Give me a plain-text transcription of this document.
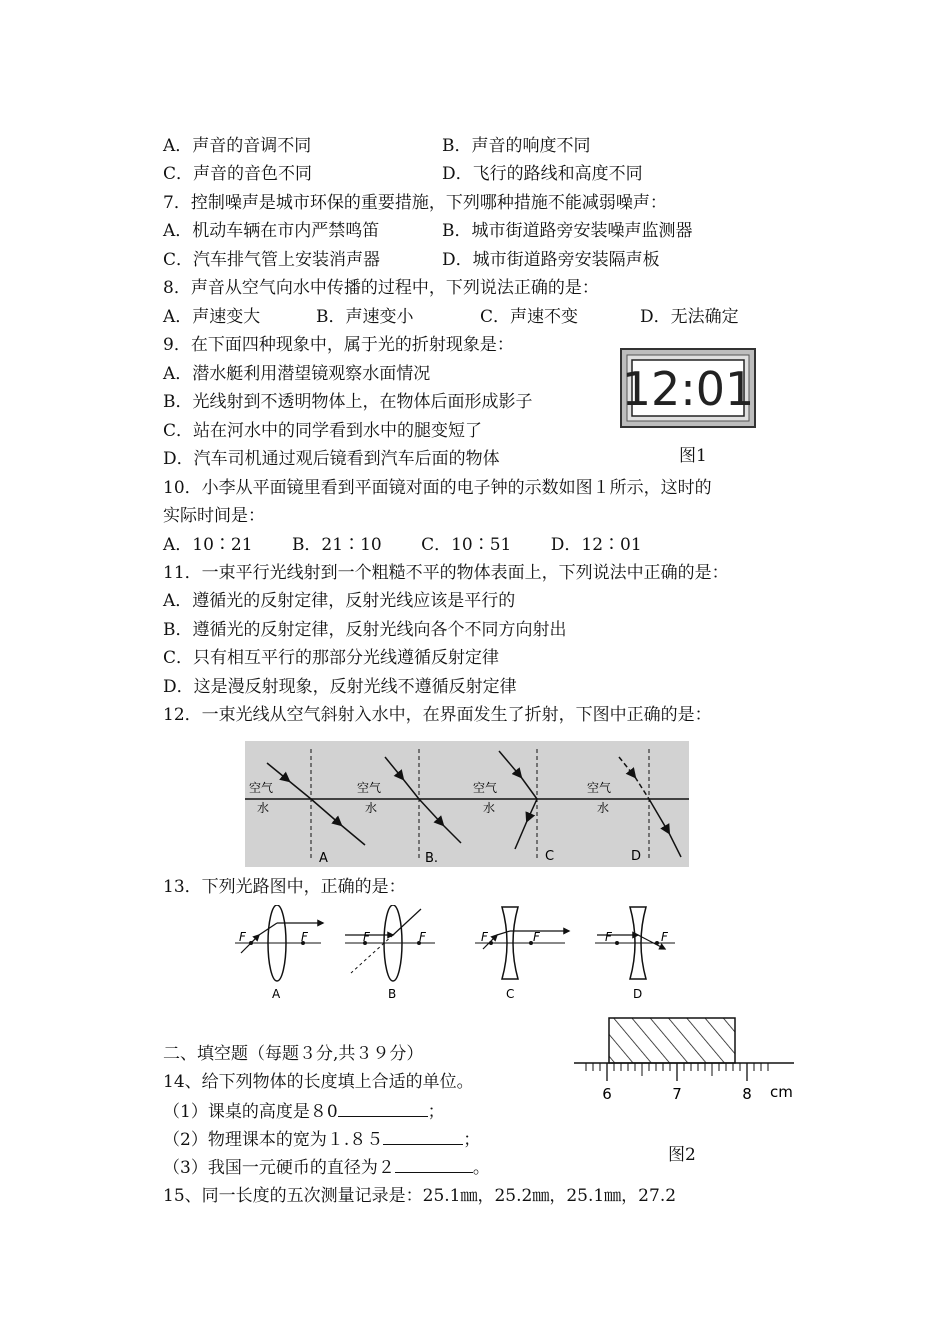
A．声音的音调不同	B．声音的响度不同
C．声音的音色不同	D．飞行的路线和高度不同
7．控制噪声是城市环保的重要措施，下列哪种措施不能减弱噪声：
A．机动车辆在市内严禁鸣笛	B．城市街道路旁安装噪声监测器
C．汽车排气管上安装消声器	D．城市街道路旁安装隔声板
8．声音从空气向水中传播的过程中，下列说法正确的是：
A．声速变大	B．声速变小	C．声速不变	D．无法确定
9．在下面四种现象中，属于光的折射现象是：
A．潜水艇利用潜望镜观察水面情况
B．光线射到不透明物体上，在物体后面形成影子
C．站在河水中的同学看到水中的腿变短了
D．汽车司机通过观后镜看到汽车后面的物体
12:01
图1
10．小李从平面镜里看到平面镜对面的电子钟的示数如图１所示，这时的
实际时间是：
A．10∶21　　 B．21∶10　　 C．10∶51　　 D．12∶01
11．一束平行光线射到一个粗糙不平的物体表面上，下列说法中正确的是：
A．遵循光的反射定律，反射光线应该是平行的
B．遵循光的反射定律，反射光线向各个不同方向射出
C．只有相互平行的那部分光线遵循反射定律
D．这是漫反射现象，反射光线不遵循反射定律
12．一束光线从空气斜射入水中，在界面发生了折射，下图中正确的是：
空气
水
A
空气
水
B.
空气
水
C
空气
水
D
13．下列光路图中，正确的是：
F	F
A
F	F
B
F	F
C
F	F
D
二、填空题（每题３分,共３９分）
6	7	8 cm
图2
14、给下列物体的长度填上合适的单位。
（1）课桌的高度是８0	；
（2）物理课本的宽为１.８５	；
（3）我国一元硬币的直径为２	。
15、同一长度的五次测量记录是：25.1㎜，25.2㎜，25.1㎜，27.2
